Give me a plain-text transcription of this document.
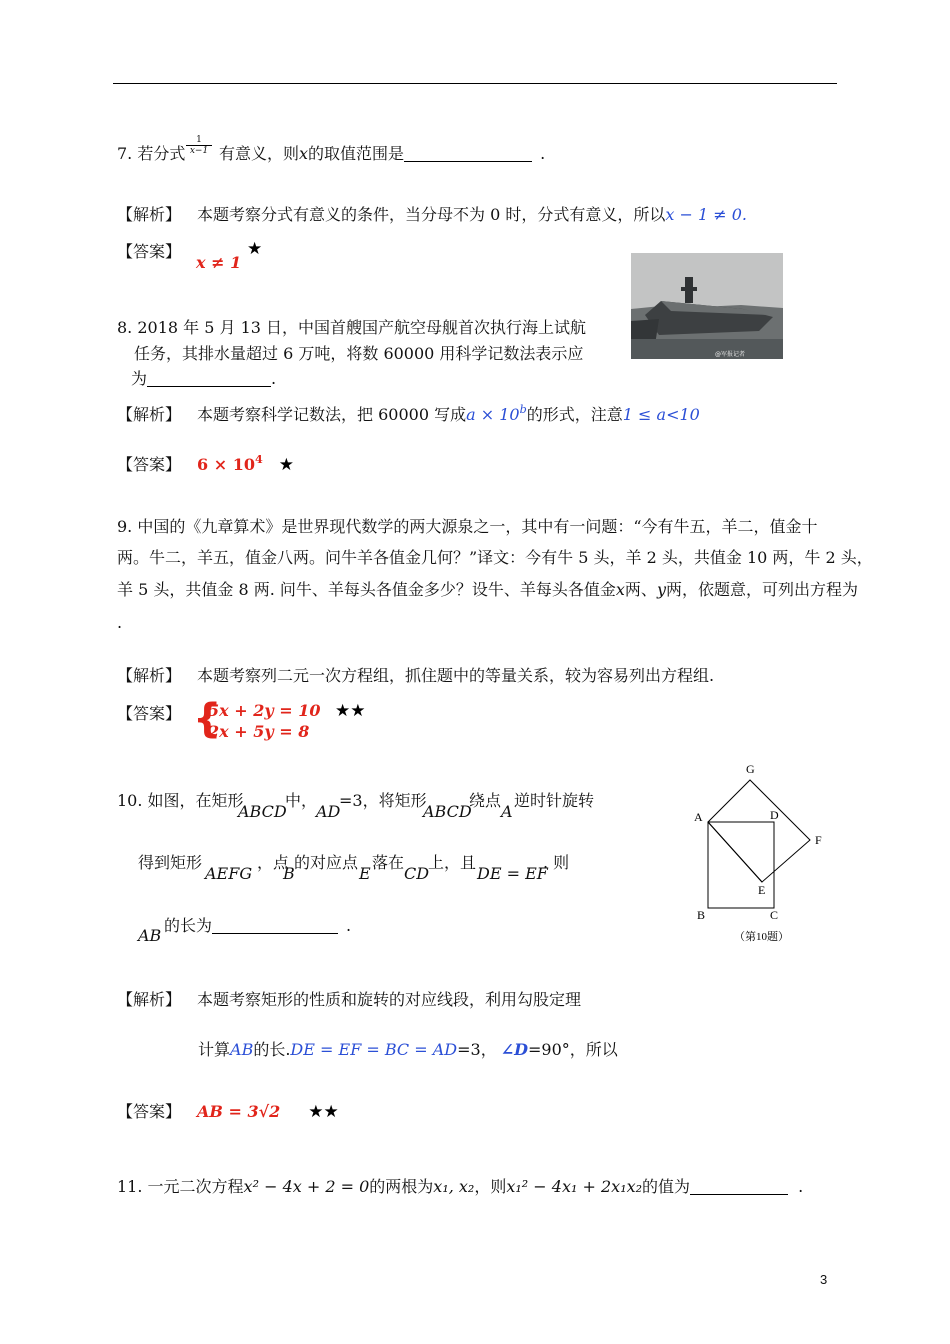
7. 若分式 $\frac{1}{x-1}$ 有意义，则x的取值范围是	.
【解析】 本题考察分式有意义的条件，当分母不为 0 时，分式有意义，所以x − 1 ≠ 0.
【答案】
x ≠ 1
★
@军报记者
8. 2018 年 5 月 13 日，中国首艘国产航空母舰首次执行海上试航
任务，其排水量超过 6 万吨，将数 60000 用科学记数法表示应
为	.
【解析】 本题考察科学记数法，把 60000 写成$a \times 10^b$的形式，注意1 ≤ a<10
【答案】 $6 \times 10^4$ ★
9. 中国的《九章算术》是世界现代数学的两大源泉之一，其中有一问题：“今有牛五，羊二，值金十
两。牛二，羊五，值金八两。问牛羊各值金几何？”译文：今有牛 5 头，羊 2 头，共值金 10 两，牛 2 头，
羊 5 头，共值金 8 两. 问牛、羊每头各值金多少？设牛、羊每头各值金x两、y两，依题意，可列出方程为
.
【解析】 本题考察列二元一次方程组，抓住题中的等量关系，较为容易列出方程组.
【答案】 {
5x + 2y = 10
2x + 5y = 8
★★
10. 如图，在矩形
ABCD
中，
AD
=3，将矩形
ABCD
绕点
A
逆时针旋转
得到矩形
AEFG
，点
B
的对应点
E
落在
CD
上，且
DE = EF
. 则
AB
的长为	.
G
A	D
F
E
B	C
（第10题）
【解析】 本题考察矩形的性质和旋转的对应线段，利用勾股定理
计算AB的长.DE = EF = BC = AD=3， ∠D=90°，所以
【答案】 AB = 3√2 ★★
11. 一元二次方程x² − 4x + 2 = 0的两根为x₁, x₂，则x₁² − 4x₁ + 2x₁x₂的值为	.
3
